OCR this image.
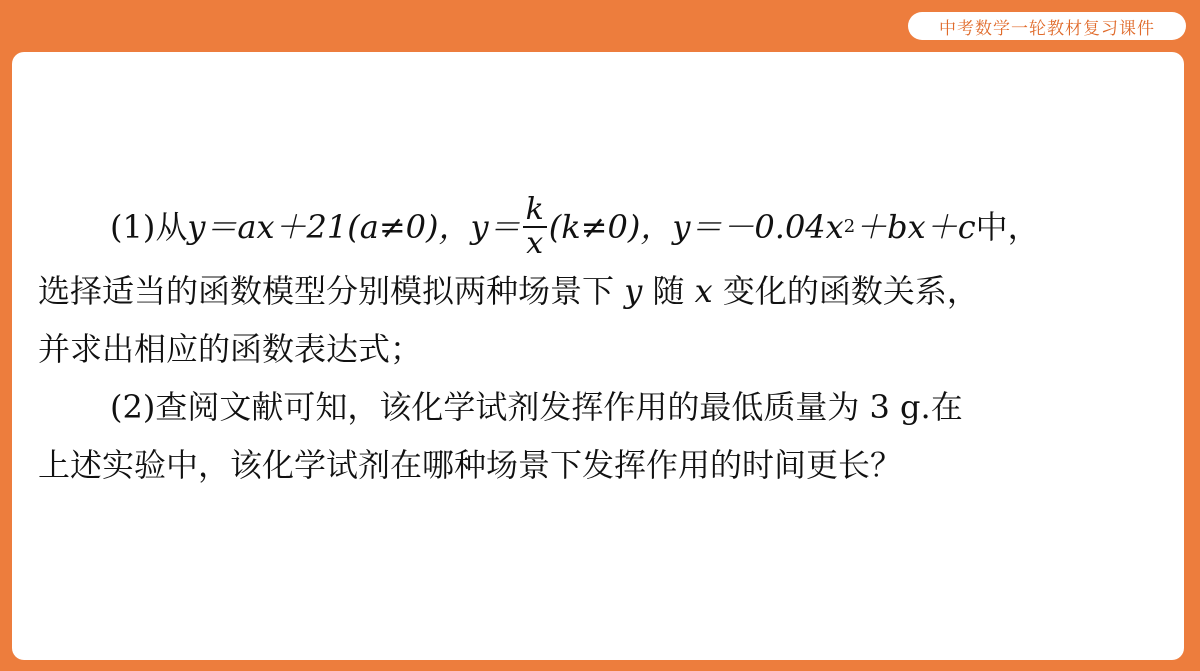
中考数学一轮教材复习课件
(1)从 y＝ax＋21(a≠0)， $y= \frac{k}{x} (k\ne 0)$， y＝－0.04x 2 ＋bx＋c 中，
选择适当的函数模型分别模拟两种场景下 y 随 x 变化的函数关系，
并求出相应的函数表达式；
(2)查阅文献可知，该化学试剂发挥作用的最低质量为 3 g.在
上述实验中，该化学试剂在哪种场景下发挥作用的时间更长？
